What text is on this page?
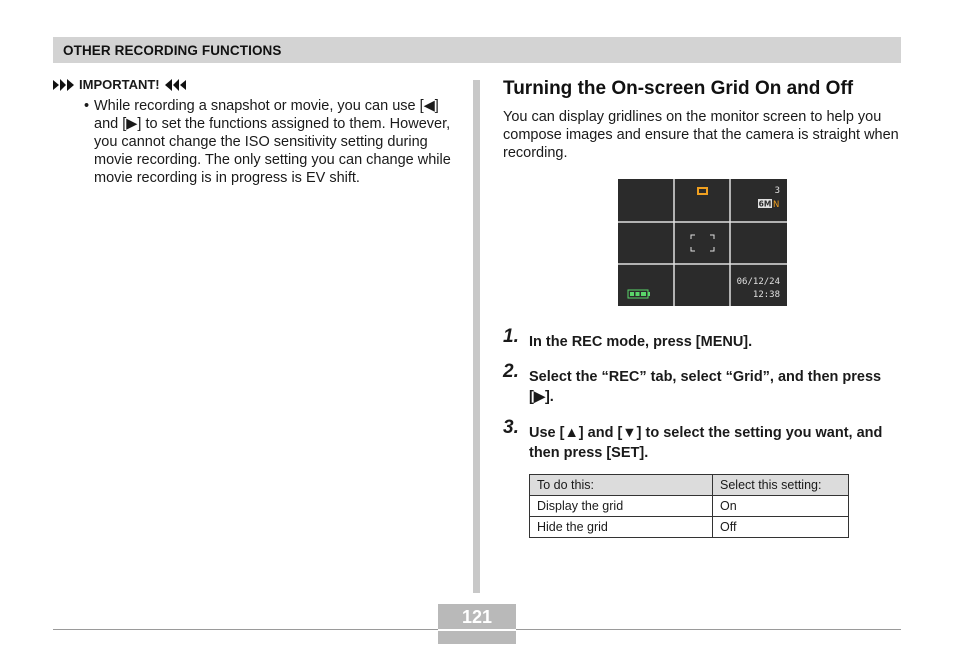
OTHER RECORDING FUNCTIONS
IMPORTANT!
• While recording a snapshot or movie, you can use [◀] and [▶] to set the functions assigned to them. However, you cannot change the ISO sensitivity setting during movie recording. The only setting you can change while movie recording is in progress is EV shift.
Turning the On-screen Grid On and Off
You can display gridlines on the monitor screen to help you compose images and ensure that the camera is straight when recording.
3
6M N
06/12/24
12:38
1. In the REC mode, press [MENU].
2. Select the “REC” tab, select “Grid”, and then press [▶].
3. Use [▲] and [▼] to select the setting you want, and then press [SET].
To do this:	Select this setting:
Display the grid	On
Hide the grid	Off
121
